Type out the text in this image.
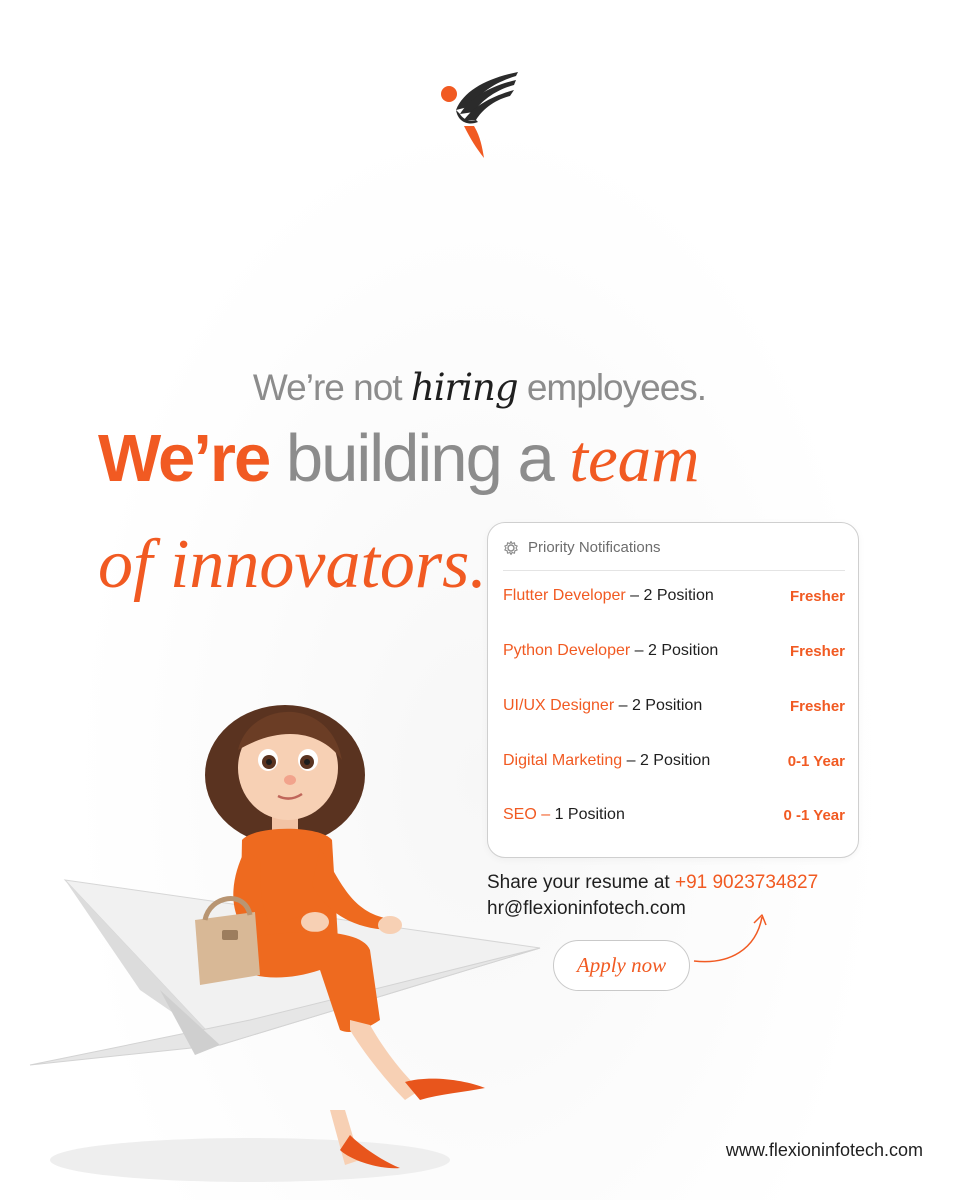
We’re not hiring employees.
We’re building a team
of innovators.	Priority Notifications
Flutter Developer – 2 Position	Fresher
Python Developer – 2 Position	Fresher
UI/UX Designer – 2 Position	Fresher
Digital Marketing – 2 Position	0-1 Year
SEO – 1 Position	0 -1 Year
Share your resume at +91 9023734827
hr@flexioninfotech.com
Apply now
www.flexioninfotech.com
